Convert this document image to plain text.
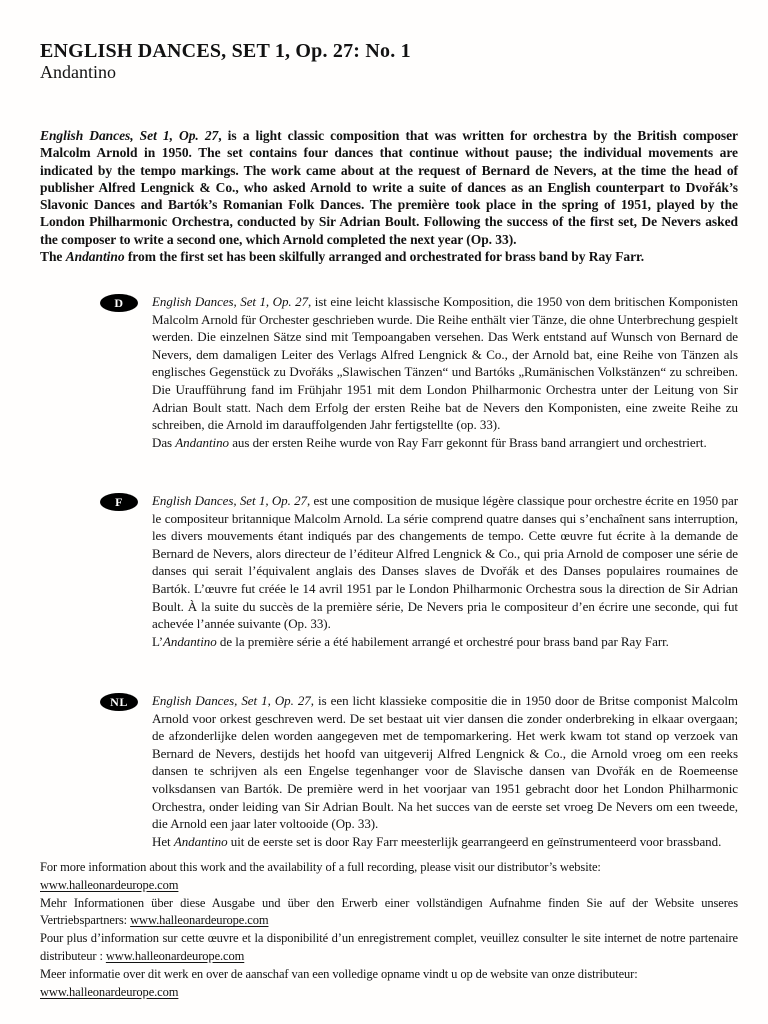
ENGLISH DANCES, SET 1, Op. 27: No. 1
Andantino

English Dances, Set 1, Op. 27, is a light classic composition that was written for orchestra by the British composer Malcolm Arnold in 1950. The set contains four dances that continue without pause; the individual movements are indicated by the tempo markings. The work came about at the request of Bernard de Nevers, at the time the head of publisher Alfred Lengnick & Co., who asked Arnold to write a suite of dances as an English counterpart to Dvořák’s Slavonic Dances and Bartók’s Romanian Folk Dances. The première took place in the spring of 1951, played by the London Philharmonic Orchestra, conducted by Sir Adrian Boult. Following the success of the first set, De Nevers asked the composer to write a second one, which Arnold completed the next year (Op. 33).

The Andantino from the first set has been skilfully arranged and orchestrated for brass band by Ray Farr.

D	English Dances, Set 1, Op. 27, ist eine leicht klassische Komposition, die 1950 von dem britischen Komponisten Malcolm Arnold für Orchester geschrieben wurde. Die Reihe enthält vier Tänze, die ohne Unterbrechung gespielt werden. Die einzelnen Sätze sind mit Tempoangaben versehen. Das Werk entstand auf Wunsch von Bernard de Nevers, dem damaligen Leiter des Verlags Alfred Lengnick & Co., der Arnold bat, eine Reihe von Tänzen als englisches Gegenstück zu Dvořáks „Slawischen Tänzen“ und Bartóks „Rumänischen Volkstänzen“ zu schreiben. Die Uraufführung fand im Frühjahr 1951 mit dem London Philharmonic Orchestra unter der Leitung von Sir Adrian Boult statt. Nach dem Erfolg der ersten Reihe bat de Nevers den Komponisten, eine zweite Reihe zu schreiben, die Arnold im darauffolgenden Jahr fertigstellte (op. 33).

Das Andantino aus der ersten Reihe wurde von Ray Farr gekonnt für Brass band arrangiert und orchestriert.

F	English Dances, Set 1, Op. 27, est une composition de musique légère classique pour orchestre écrite en 1950 par le compositeur britannique Malcolm Arnold. La série comprend quatre danses qui s’enchaînent sans interruption, les divers mouvements étant indiqués par des changements de tempo. Cette œuvre fut écrite à la demande de Bernard de Nevers, alors directeur de l’éditeur Alfred Lengnick & Co., qui pria Arnold de composer une série de danses qui serait l’équivalent anglais des Danses slaves de Dvořák et des Danses populaires roumaines de Bartók. L’œuvre fut créée le 14 avril 1951 par le London Philharmonic Orchestra sous la direction de Sir Adrian Boult. À la suite du succès de la première série, De Nevers pria le compositeur d’en écrire une seconde, qui fut achevée l’année suivante (Op. 33).

L’Andantino de la première série a été habilement arrangé et orchestré pour brass band par Ray Farr.

NL	English Dances, Set 1, Op. 27, is een licht klassieke compositie die in 1950 door de Britse componist Malcolm Arnold voor orkest geschreven werd. De set bestaat uit vier dansen die zonder onderbreking in elkaar overgaan; de afzonderlijke delen worden aangegeven met de tempomarkering. Het werk kwam tot stand op verzoek van Bernard de Nevers, destijds het hoofd van uitgeverij Alfred Lengnick & Co., die Arnold vroeg om een reeks dansen te schrijven als een Engelse tegenhanger voor de Slavische dansen van Dvořák en de Roemeense volksdansen van Bartók. De première werd in het voorjaar van 1951 gebracht door het London Philharmonic Orchestra, onder leiding van Sir Adrian Boult. Na het succes van de eerste set vroeg De Nevers om een tweede, die Arnold een jaar later voltooide (Op. 33).

Het Andantino uit de eerste set is door Ray Farr meesterlijk gearrangeerd en geïnstrumenteerd voor brassband.

For more information about this work and the availability of a full recording, please visit our distributor’s website:
www.halleonardeurope.com

Mehr Informationen über diese Ausgabe und über den Erwerb einer vollständigen Aufnahme finden Sie auf der Website unseres Vertriebspartners: www.halleonardeurope.com

Pour plus d’information sur cette œuvre et la disponibilité d’un enregistrement complet, veuillez consulter le site internet de notre partenaire distributeur : www.halleonardeurope.com

Meer informatie over dit werk en over de aanschaf van een volledige opname vindt u op de website van onze distributeur:
www.halleonardeurope.com
